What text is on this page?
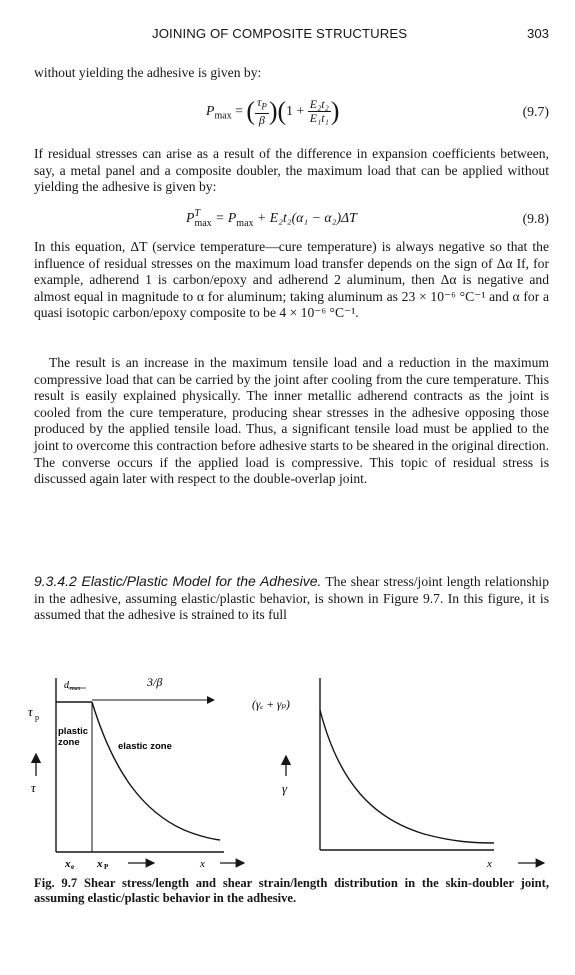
JOINING OF COMPOSITE STRUCTURES	303

without yielding the adhesive is given by:

$P_{max}$ = ( $\frac{\tau_P}{\beta} )(1 + \frac{\text{E₂t₂}}{\text{E₁t₁}}$ )	(9.7)

If residual stresses can arise as a result of the difference in expansion coefficients between, say, a metal panel and a composite doubler, the maximum load that can be applied without yielding the adhesive is given by:

P T
$\max = P_{max} + E_2t_2(\alpha_1 - \alpha_2)\Delta T$	(9.8)

In this equation, ΔT (service temperature—cure temperature) is always negative so that the influence of residual stresses on the maximum load transfer depends on the sign of Δα If, for example, adherend 1 is carbon/epoxy and adherend 2 aluminum, then Δα is negative and almost equal in magnitude to α for aluminum; taking aluminum as 23 × 10⁻⁶ °C⁻¹ and α for a quasi isotopic carbon/epoxy composite to be 4 × 10⁻⁶ °C⁻¹.

The result is an increase in the maximum tensile load and a reduction in the maximum compressive load that can be carried by the joint after cooling from the cure temperature. This result is easily explained physically. The inner metallic adherend contracts as the joint is cooled from the cure temperature, producing shear stresses in the adhesive opposing those produced by the applied tensile load. Thus, a significant tensile load must be applied to the joint to overcome this contraction before adhesive starts to be sheared in the original direction. The converse occurs if the applied load is compressive. This topic of residual stress is discussed again later with respect to the double-overlap joint.

9.3.4.2 Elastic/Plastic Model for the Adhesive. The shear stress/joint length relationship in the adhesive, assuming elastic/plastic behavior, is shown in Figure 9.7. In this figure, it is assumed that the adhesive is strained to its full

τ p
d max	3/β
plastic
zone	elastic zone
τ
x e x P	x
(γₑ + γₚ)
γ
x

Fig. 9.7 Shear stress/length and shear strain/length distribution in the skin-doubler joint, assuming elastic/plastic behavior in the adhesive.
